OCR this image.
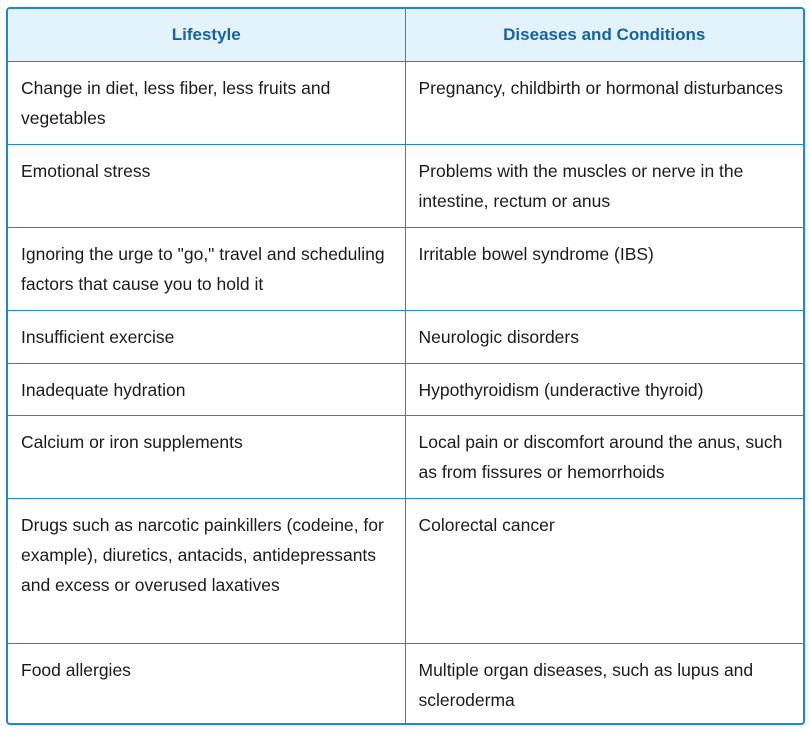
Lifestyle	Diseases and Conditions
Change in diet, less fiber, less fruits and vegetables	Pregnancy, childbirth or hormonal disturbances
Emotional stress	Problems with the muscles or nerve in the intestine, rectum or anus
Ignoring the urge to "go," travel and scheduling factors that cause you to hold it	Irritable bowel syndrome (IBS)
Insufficient exercise	Neurologic disorders
Inadequate hydration	Hypothyroidism (underactive thyroid)
Calcium or iron supplements	Local pain or discomfort around the anus, such as from fissures or hemorrhoids
Drugs such as narcotic painkillers (codeine, for example), diuretics, antacids, antidepressants and excess or overused laxatives	Colorectal cancer
Food allergies	Multiple organ diseases, such as lupus and scleroderma
